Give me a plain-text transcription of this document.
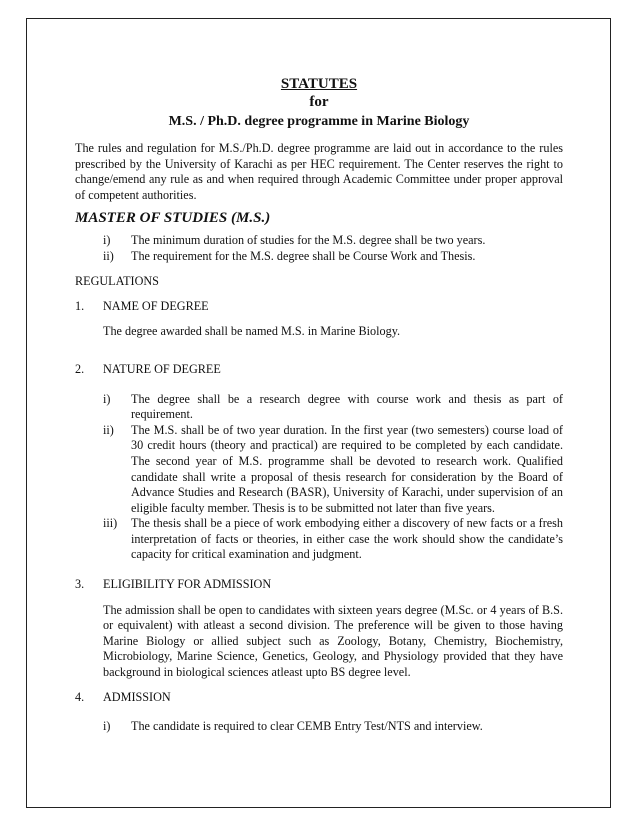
STATUTES
for
M.S. / Ph.D. degree programme in Marine Biology
The rules and regulation for M.S./Ph.D. degree programme are laid out in accordance to the rules prescribed by the University of Karachi as per HEC requirement. The Center reserves the right to change/emend any rule as and when required through Academic Committee under proper approval of competent authorities.
MASTER OF STUDIES (M.S.)
i)	The minimum duration of studies for the M.S. degree shall be two years.
ii)	The requirement for the M.S. degree shall be Course Work and Thesis.
REGULATIONS
1.	NAME OF DEGREE
The degree awarded shall be named M.S. in Marine Biology.
2.	NATURE OF DEGREE
i)	The degree shall be a research degree with course work and thesis as part of requirement.
ii)	The M.S. shall be of two year duration. In the first year (two semesters) course load of 30 credit hours (theory and practical) are required to be completed by each candidate. The second year of M.S. programme shall be devoted to research work. Qualified candidate shall write a proposal of thesis research for consideration by the Board of Advance Studies and Research (BASR), University of Karachi, under supervision of an eligible faculty member. Thesis is to be submitted not later than five years.
iii)	The thesis shall be a piece of work embodying either a discovery of new facts or a fresh interpretation of facts or theories, in either case the work should show the candidate’s capacity for critical examination and judgment.
3.	ELIGIBILITY FOR ADMISSION
The admission shall be open to candidates with sixteen years degree (M.Sc. or 4 years of B.S. or equivalent) with atleast a second division. The preference will be given to those having Marine Biology or allied subject such as Zoology, Botany, Chemistry, Biochemistry, Microbiology, Marine Science, Genetics, Geology, and Physiology provided that they have background in biological sciences atleast upto BS degree level.
4.	ADMISSION
i)	The candidate is required to clear CEMB Entry Test/NTS and interview.
